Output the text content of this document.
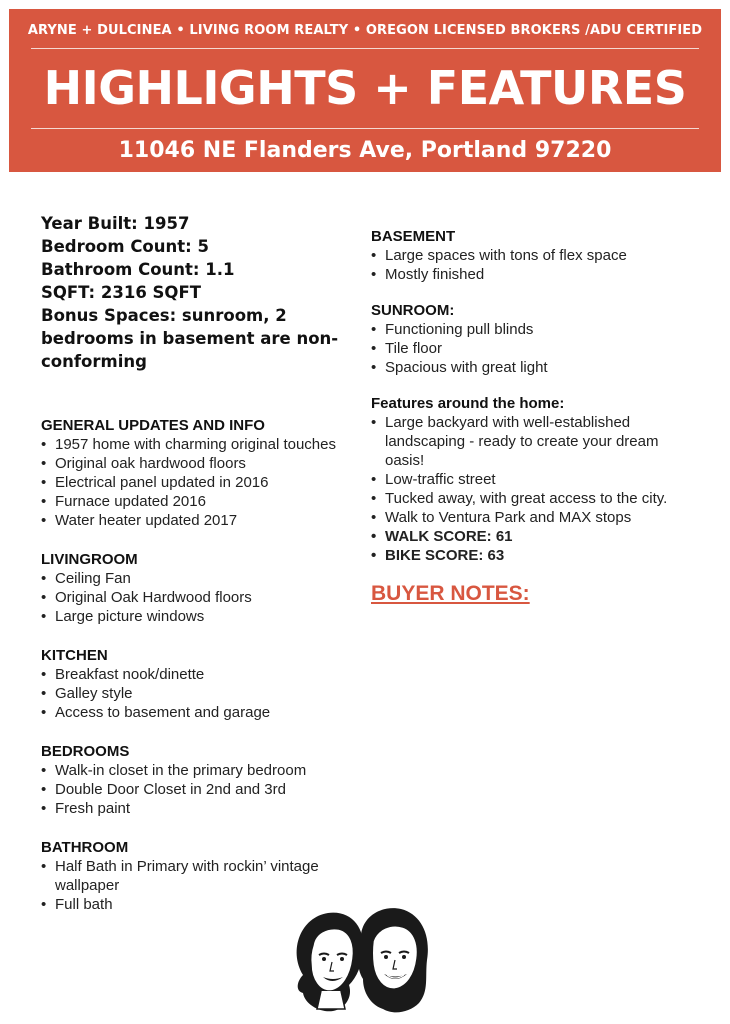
ARYNE + DULCINEA • LIVING ROOM REALTY • OREGON LICENSED BROKERS /ADU CERTIFIED
HIGHLIGHTS + FEATURES
11046 NE Flanders Ave, Portland 97220
Year Built: 1957
Bedroom Count: 5
Bathroom Count: 1.1
SQFT: 2316 SQFT
Bonus Spaces: sunroom, 2 bedrooms in basement are non-conforming
GENERAL UPDATES AND INFO
• 1957 home with charming original touches
• Original oak hardwood floors
• Electrical panel updated in 2016
• Furnace updated 2016
• Water heater updated 2017
LIVINGROOM
• Ceiling Fan
• Original Oak Hardwood floors
• Large picture windows
KITCHEN
• Breakfast nook/dinette
• Galley style
• Access to basement and garage
BEDROOMS
• Walk-in closet in the primary bedroom
• Double Door Closet in 2nd and 3rd
• Fresh paint
BATHROOM
• Half Bath in Primary with rockin’ vintage wallpaper
• Full bath
BASEMENT
• Large spaces with tons of flex space
• Mostly finished
SUNROOM:
• Functioning pull blinds
• Tile floor
• Spacious with great light
Features around the home:
• Large backyard with well-established landscaping - ready to create your dream oasis!
• Low-traffic street
• Tucked away, with great access to the city.
• Walk to Ventura Park and MAX stops
• WALK SCORE: 61
• BIKE SCORE: 63
BUYER NOTES:
